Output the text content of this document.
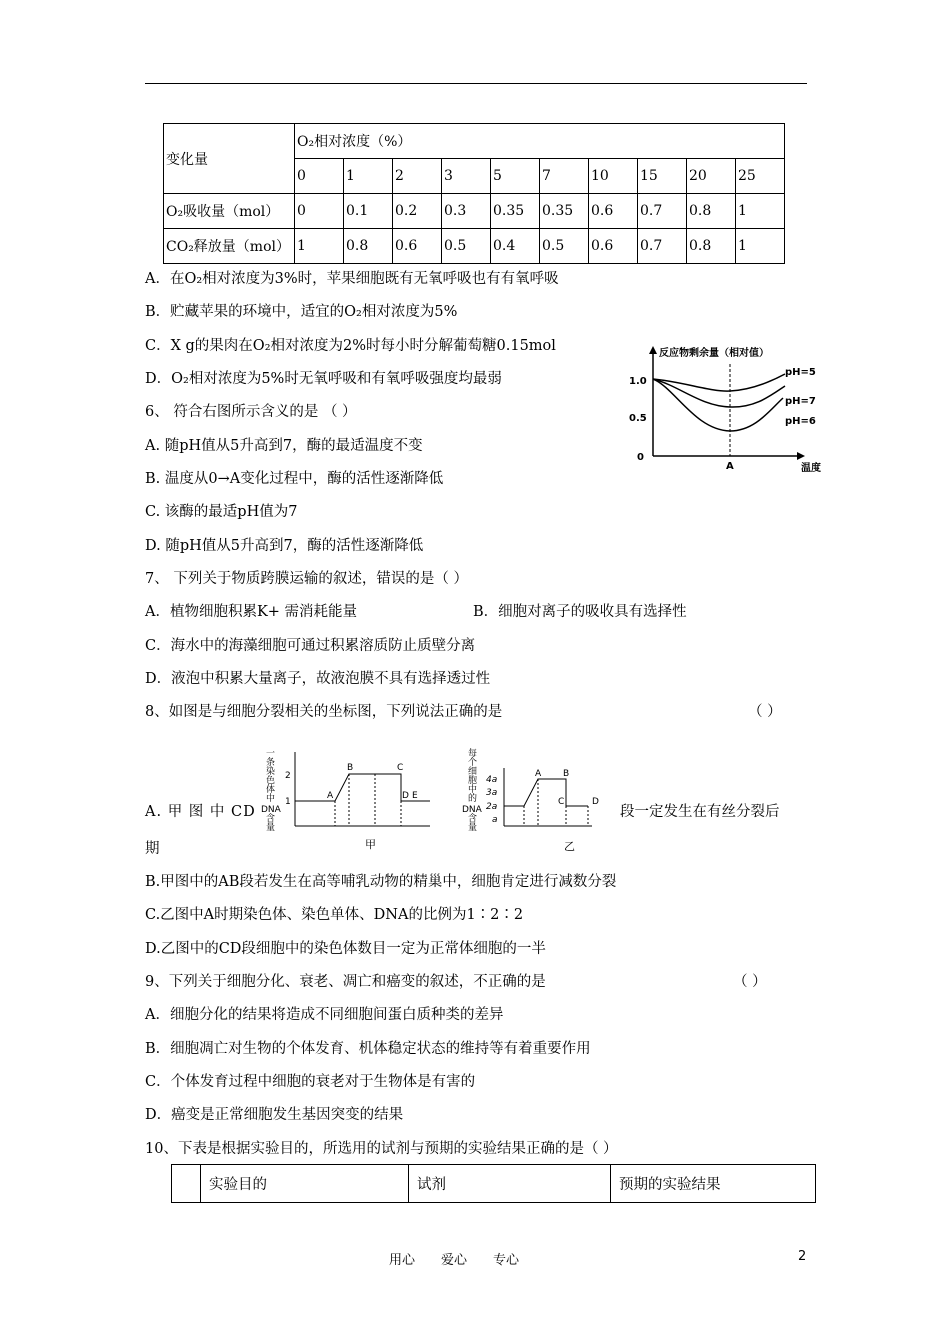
变化量	O₂相对浓度（%）									
	0	1	2	3	5	7	10	15	20	25
O₂吸收量（mol）	0	0.1	0.2	0.3	0.35	0.35	0.6	0.7	0.8	1
CO₂释放量（mol）	1	0.8	0.6	0.5	0.4	0.5	0.6	0.7	0.8	1
A．在O₂相对浓度为3%时，苹果细胞既有无氧呼吸也有有氧呼吸
B．贮藏苹果的环境中，适宜的O₂相对浓度为5%
C．X g的果肉在O₂相对浓度为2%时每小时分解葡萄糖0.15mol
D．O₂相对浓度为5%时无氧呼吸和有氧呼吸强度均最弱
6、 符合右图所示含义的是 （ ）
A. 随pH值从5升高到7，酶的最适温度不变
B. 温度从0→A变化过程中，酶的活性逐渐降低
C. 该酶的最适pH值为7
D. 随pH值从5升高到7，酶的活性逐渐降低
反应物剩余量（相对值）
1.0
0.5
0
A	温度
pH=5
pH=7
pH=6
7、 下列关于物质跨膜运输的叙述，错误的是（ ）
A．植物细胞积累K+ 需消耗能量	B．细胞对离子的吸收具有选择性
C．海水中的海藻细胞可通过积累溶质防止质壁分离
D．液泡中积累大量离子，故液泡膜不具有选择透过性
8、如图是与细胞分裂相关的坐标图，下列说法正确的是	（ ）
一条染 色体中 DNA 含量
2
1
A
B	C
D E
甲
每个细 胞中的 DNA 含量
4a
3a
2a
a
A B
C	D
乙
A. 甲 图 中 CD	段一定发生在有丝分裂后
期
B.甲图中的AB段若发生在高等哺乳动物的精巢中，细胞肯定进行减数分裂
C.乙图中A时期染色体、染色单体、DNA的比例为1∶2∶2
D.乙图中的CD段细胞中的染色体数目一定为正常体细胞的一半
9、下列关于细胞分化、衰老、凋亡和癌变的叙述，不正确的是	（ ）
A．细胞分化的结果将造成不同细胞间蛋白质种类的差异
B．细胞凋亡对生物的个体发育、机体稳定状态的维持等有着重要作用
C．个体发育过程中细胞的衰老对于生物体是有害的
D．癌变是正常细胞发生基因突变的结果
10、下表是根据实验目的，所选用的试剂与预期的实验结果正确的是（ ）
实验目的	试剂	预期的实验结果
用心　　爱心　　专心	2
